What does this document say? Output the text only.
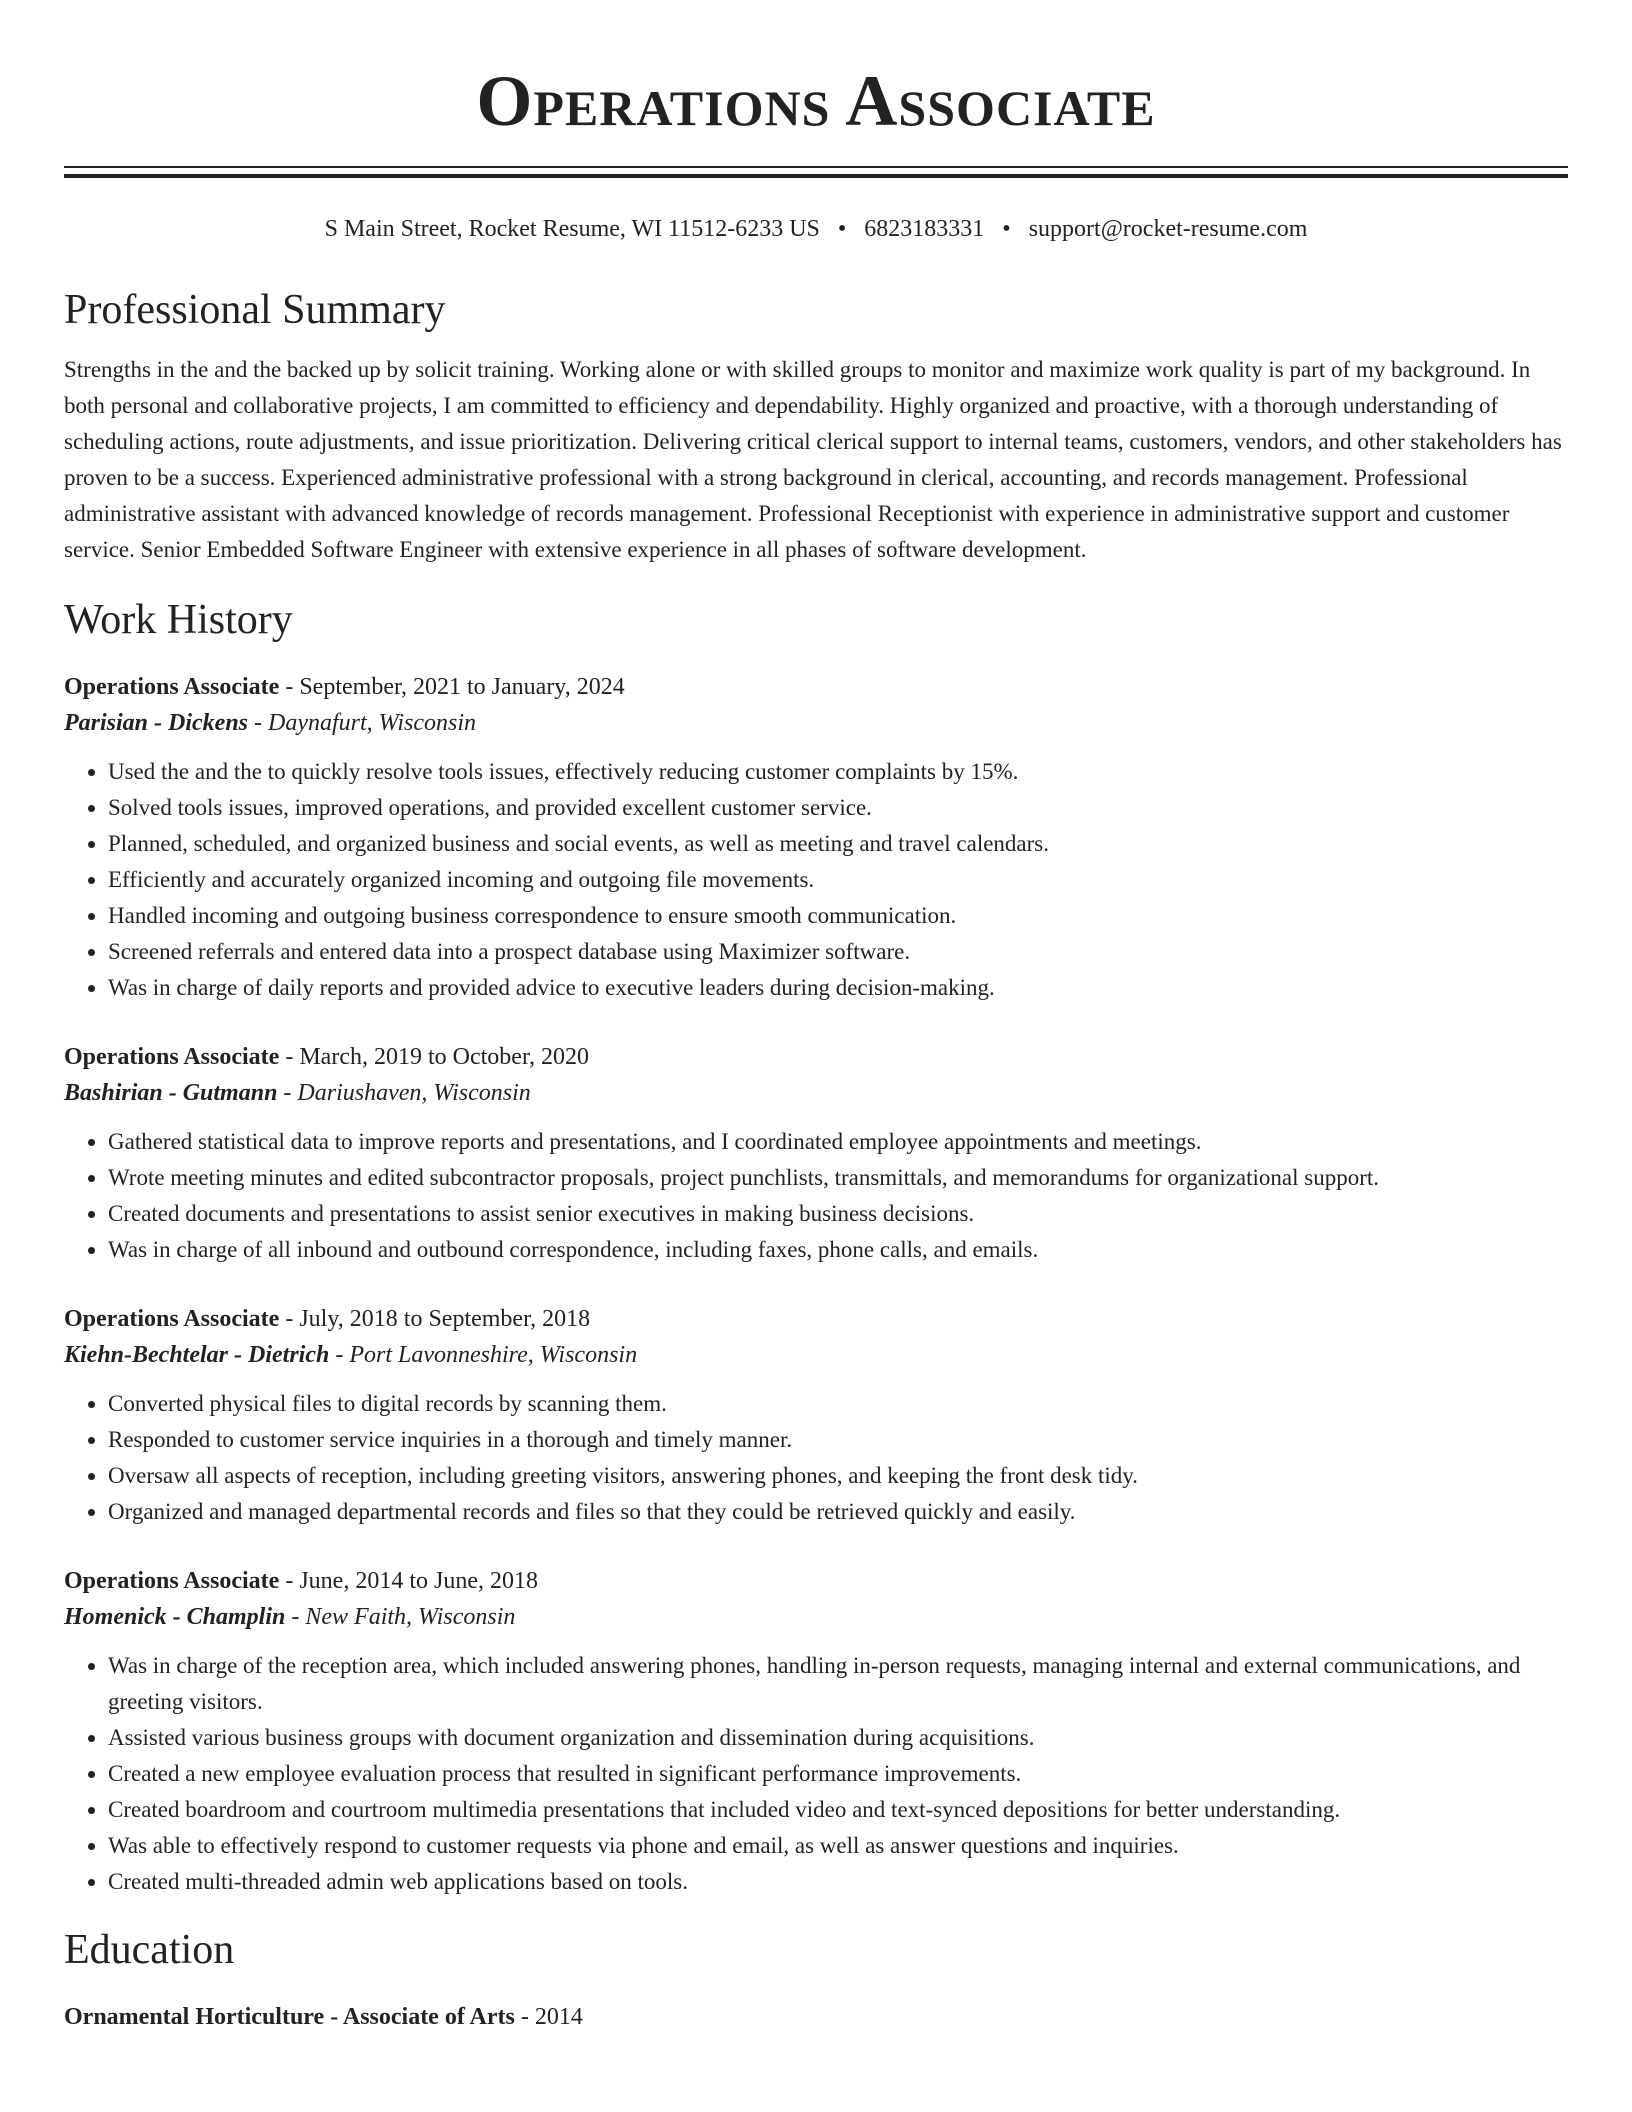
Operations Associate
S Main Street, Rocket Resume, WI 11512-6233 US • 6823183331 • support@rocket-resume.com
Professional Summary

Strengths in the and the backed up by solicit training. Working alone or with skilled groups to monitor and maximize work quality is part of my background. In both personal and collaborative projects, I am committed to efficiency and dependability. Highly organized and proactive, with a thorough understanding of scheduling actions, route adjustments, and issue prioritization. Delivering critical clerical support to internal teams, customers, vendors, and other stakeholders has proven to be a success. Experienced administrative professional with a strong background in clerical, accounting, and records management. Professional administrative assistant with advanced knowledge of records management. Professional Receptionist with experience in administrative support and customer service. Senior Embedded Software Engineer with extensive experience in all phases of software development.

Work History
Operations Associate - September, 2021 to January, 2024
Parisian - Dickens - Daynafurt, Wisconsin
• Used the and the to quickly resolve tools issues, effectively reducing customer complaints by 15%.
• Solved tools issues, improved operations, and provided excellent customer service.
• Planned, scheduled, and organized business and social events, as well as meeting and travel calendars.
• Efficiently and accurately organized incoming and outgoing file movements.
• Handled incoming and outgoing business correspondence to ensure smooth communication.
• Screened referrals and entered data into a prospect database using Maximizer software.
• Was in charge of daily reports and provided advice to executive leaders during decision-making.
Operations Associate - March, 2019 to October, 2020
Bashirian - Gutmann - Dariushaven, Wisconsin
• Gathered statistical data to improve reports and presentations, and I coordinated employee appointments and meetings.
• Wrote meeting minutes and edited subcontractor proposals, project punchlists, transmittals, and memorandums for organizational support.
• Created documents and presentations to assist senior executives in making business decisions.
• Was in charge of all inbound and outbound correspondence, including faxes, phone calls, and emails.
Operations Associate - July, 2018 to September, 2018
Kiehn-Bechtelar - Dietrich - Port Lavonneshire, Wisconsin
• Converted physical files to digital records by scanning them.
• Responded to customer service inquiries in a thorough and timely manner.
• Oversaw all aspects of reception, including greeting visitors, answering phones, and keeping the front desk tidy.
• Organized and managed departmental records and files so that they could be retrieved quickly and easily.
Operations Associate - June, 2014 to June, 2018
Homenick - Champlin - New Faith, Wisconsin
• Was in charge of the reception area, which included answering phones, handling in-person requests, managing internal and external communications, and greeting visitors.
• Assisted various business groups with document organization and dissemination during acquisitions.
• Created a new employee evaluation process that resulted in significant performance improvements.
• Created boardroom and courtroom multimedia presentations that included video and text-synced depositions for better understanding.
• Was able to effectively respond to customer requests via phone and email, as well as answer questions and inquiries.
• Created multi-threaded admin web applications based on tools.
Education
Ornamental Horticulture - Associate of Arts - 2014
